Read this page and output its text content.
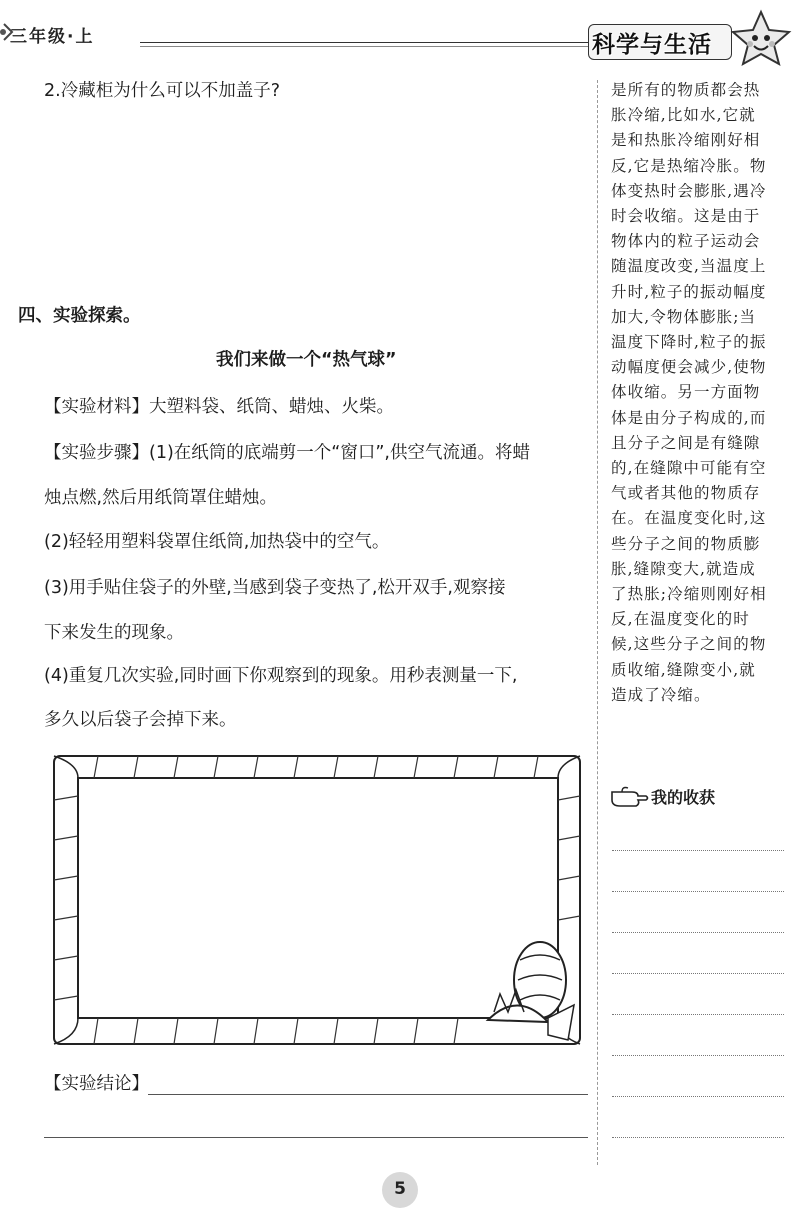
三年级·上	科学与生活
2.冷藏柜为什么可以不加盖子?
四、实验探索。
我们来做一个“热气球”
【实验材料】大塑料袋、纸筒、蜡烛、火柴。
【实验步骤】(1)在纸筒的底端剪一个“窗口”,供空气流通。将蜡
烛点燃,然后用纸筒罩住蜡烛。
(2)轻轻用塑料袋罩住纸筒,加热袋中的空气。
(3)用手贴住袋子的外壁,当感到袋子变热了,松开双手,观察接
下来发生的现象。
(4)重复几次实验,同时画下你观察到的现象。用秒表测量一下,
多久以后袋子会掉下来。
【实验结论】
是所有的物质都会热
胀冷缩,比如水,它就
是和热胀冷缩刚好相
反,它是热缩冷胀。物
体变热时会膨胀,遇冷
时会收缩。这是由于
物体内的粒子运动会
随温度改变,当温度上
升时,粒子的振动幅度
加大,令物体膨胀;当
温度下降时,粒子的振
动幅度便会减少,使物
体收缩。另一方面物
体是由分子构成的,而
且分子之间是有缝隙
的,在缝隙中可能有空
气或者其他的物质存
在。在温度变化时,这
些分子之间的物质膨
胀,缝隙变大,就造成
了热胀;冷缩则刚好相
反,在温度变化的时
候,这些分子之间的物
质收缩,缝隙变小,就
造成了冷缩。
我的收获
5
